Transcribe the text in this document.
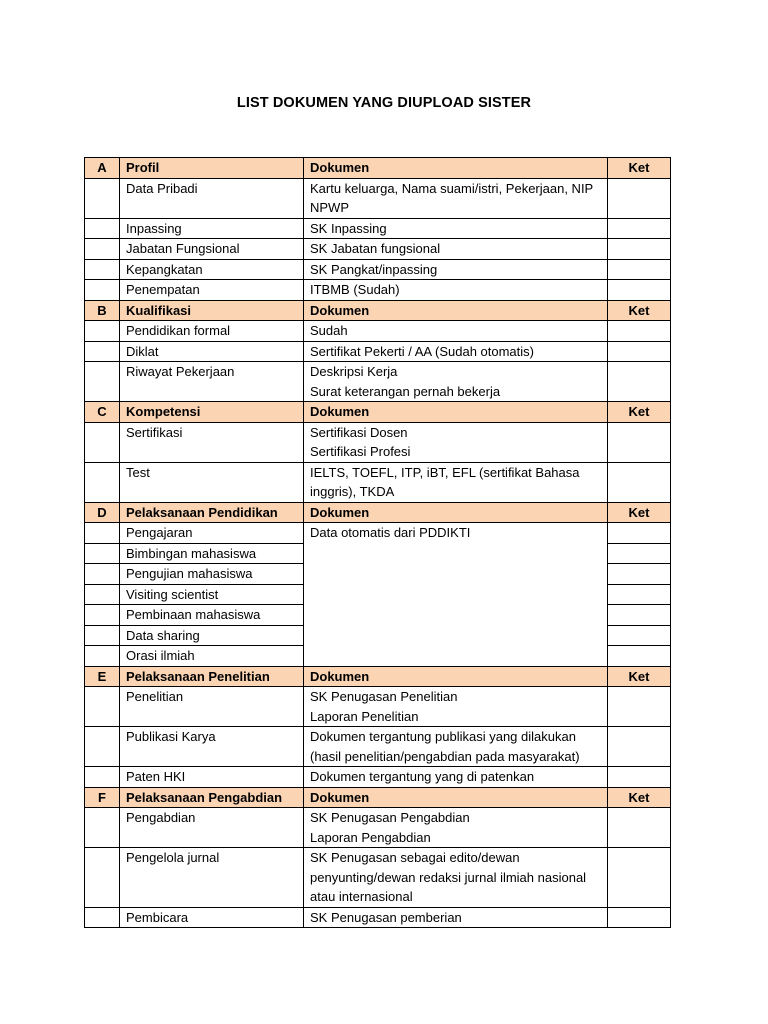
LIST DOKUMEN YANG DIUPLOAD SISTER
A	Profil	Dokumen	Ket
	Data Pribadi	Kartu keluarga, Nama suami/istri, Pekerjaan, NIP
NPWP	

	Inpassing	SK Inpassing	

	Jabatan Fungsional	SK Jabatan fungsional	

	Kepangkatan	SK Pangkat/inpassing	

	Penempatan	ITBMB (Sudah)	

B	Kualifikasi	Dokumen	Ket
	Pendidikan formal	Sudah	

	Diklat	Sertifikat Pekerti / AA (Sudah otomatis)	

	Riwayat Pekerjaan	Deskripsi Kerja
Surat keterangan pernah bekerja	

C	Kompetensi	Dokumen	Ket
	Sertifikasi	Sertifikasi Dosen
Sertifikasi Profesi	

	Test	IELTS, TOEFL, ITP, iBT, EFL (sertifikat Bahasa inggris), TKDA	

D	Pelaksanaan Pendidikan	Dokumen	Ket
	Pengajaran	Data otomatis dari PDDIKTI	
	Bimbingan mahasiswa		
	Pengujian mahasiswa		
	Visiting scientist		
	Pembinaan mahasiswa		
	Data sharing		
	Orasi ilmiah		
E	Pelaksanaan Penelitian	Dokumen	Ket
	Penelitian	SK Penugasan Penelitian
Laporan Penelitian	

	Publikasi Karya	Dokumen tergantung publikasi yang dilakukan (hasil penelitian/pengabdian pada masyarakat)	

	Paten HKI	Dokumen tergantung yang di patenkan	

F	Pelaksanaan Pengabdian	Dokumen	Ket
	Pengabdian	SK Penugasan Pengabdian
Laporan Pengabdian	

	Pengelola jurnal	SK Penugasan sebagai edito/dewan penyunting/dewan redaksi jurnal ilmiah nasional atau internasional	

	Pembicara	SK Penugasan pemberian	
